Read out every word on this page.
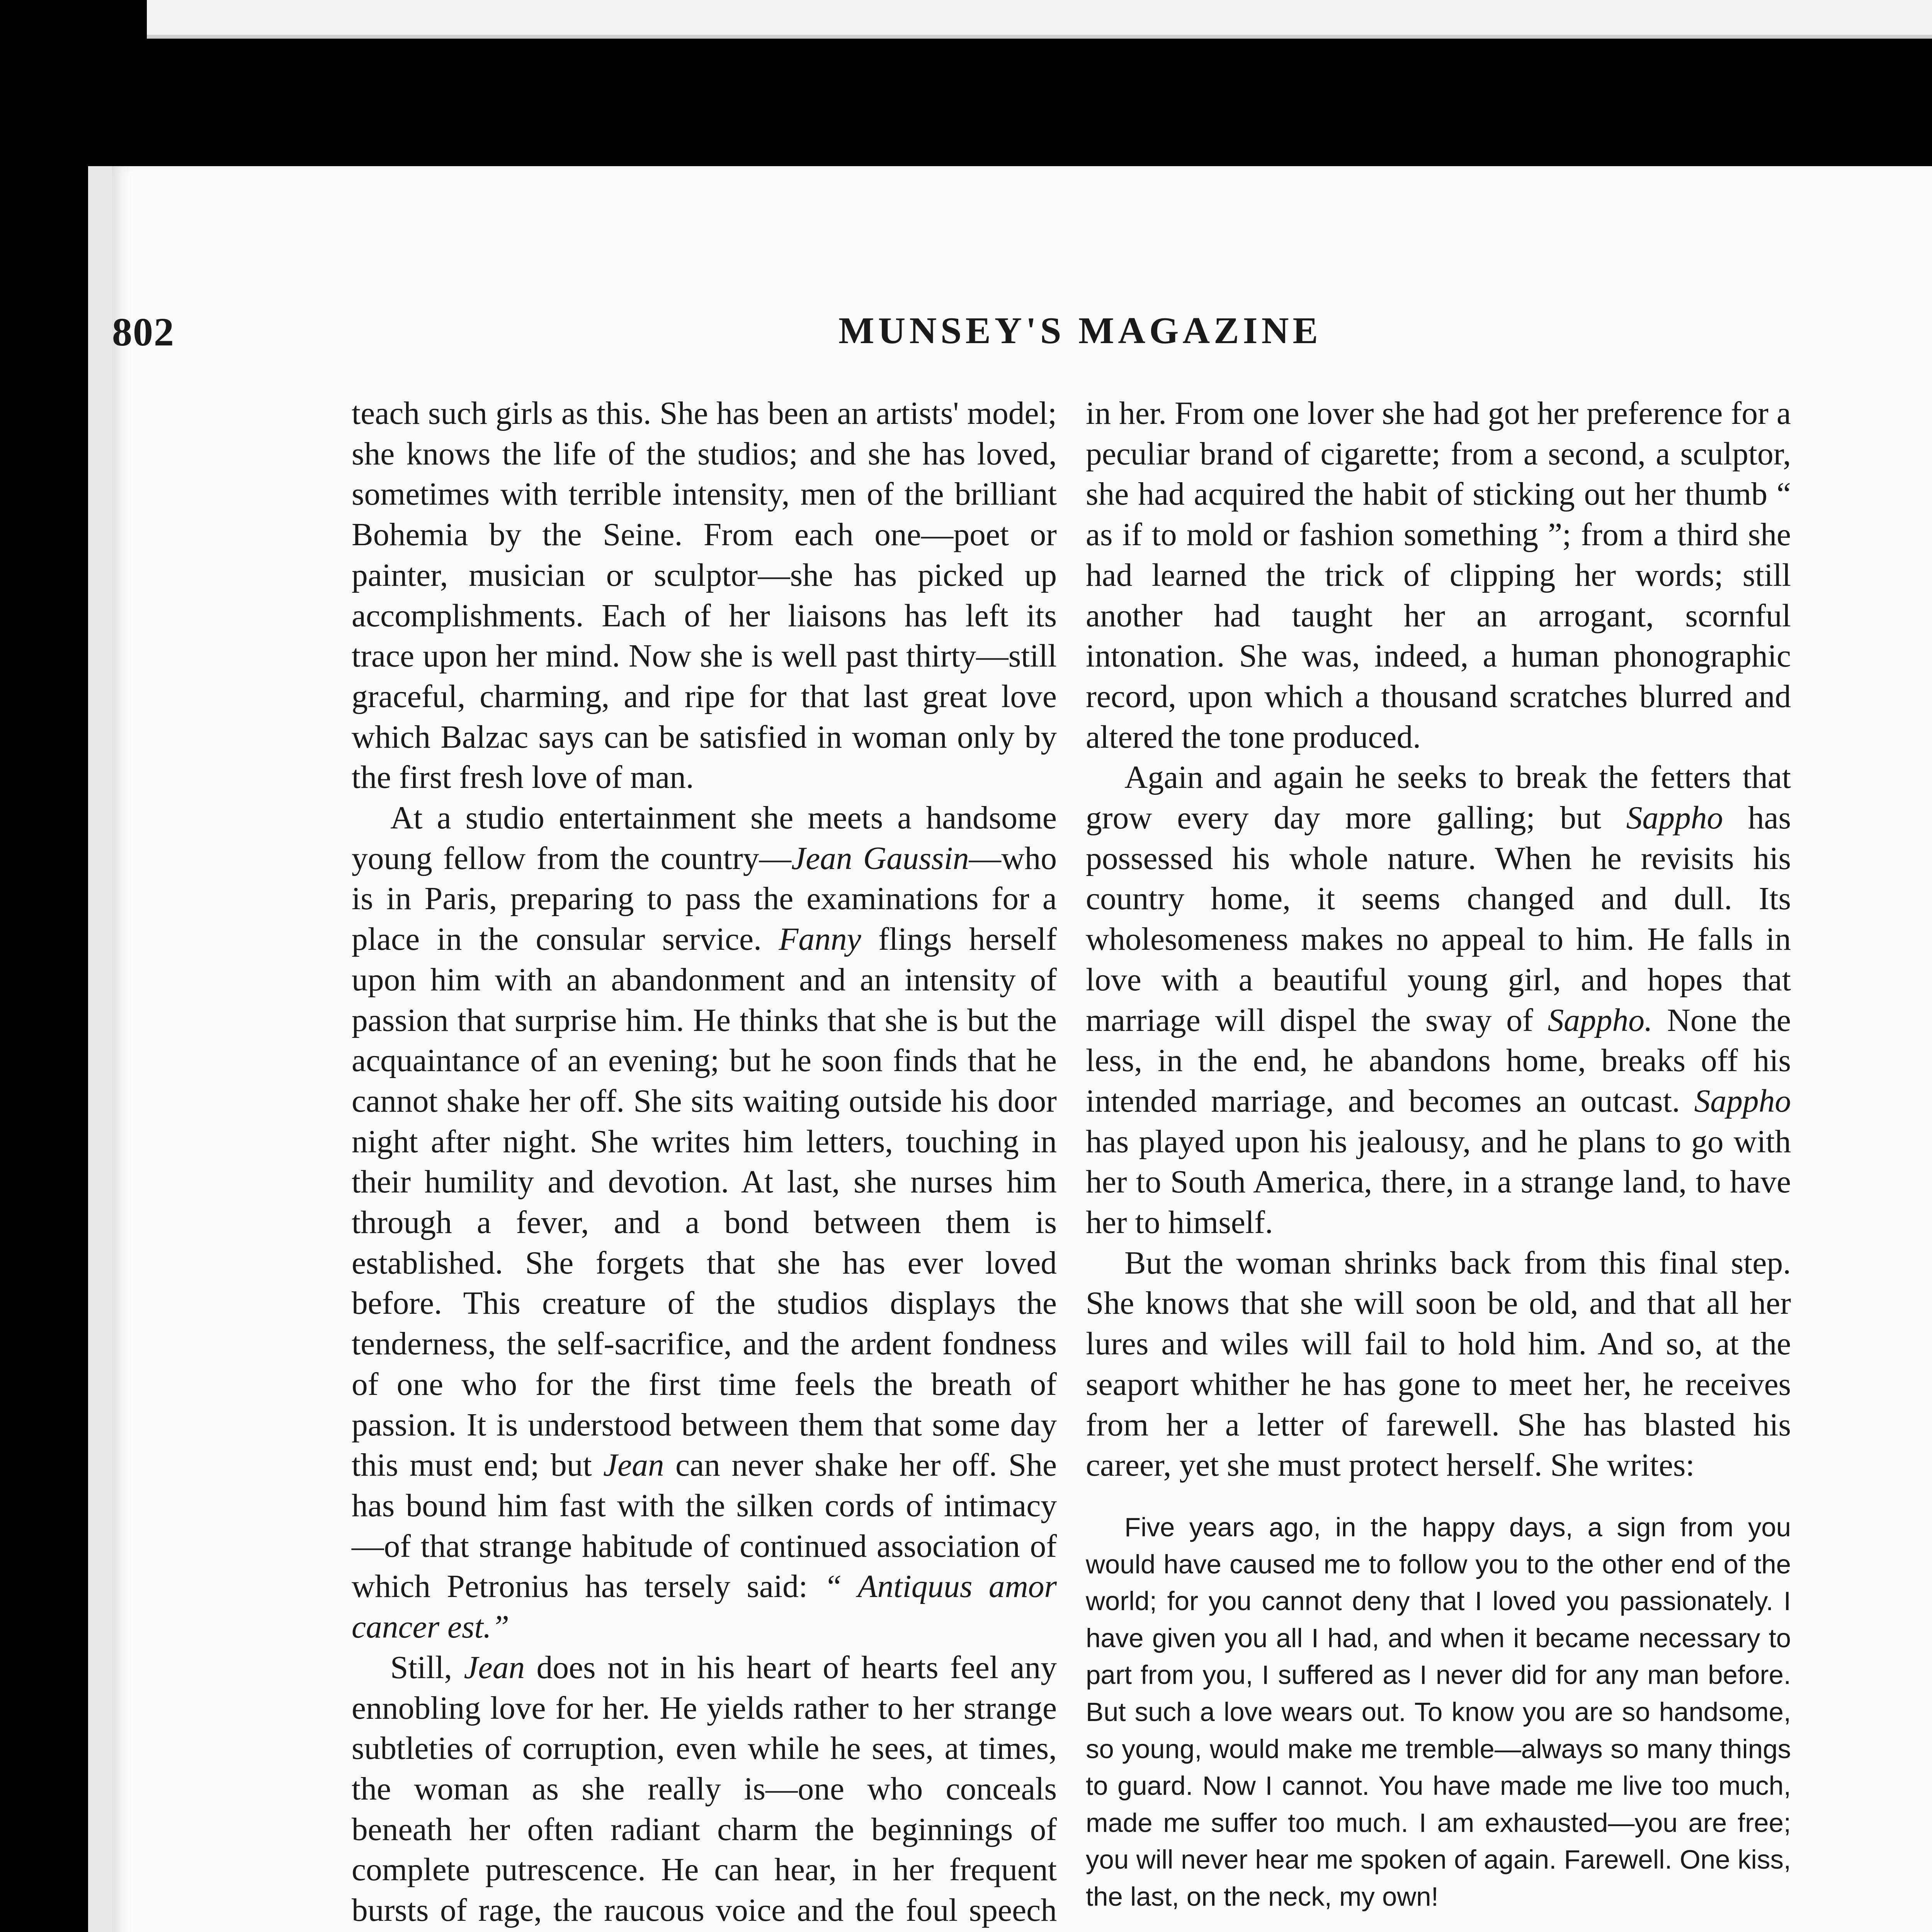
802	MUNSEY'S MAGAZINE

teach such girls as this. She has been an artists' model; she knows the life of the studios; and she has loved, sometimes with terrible intensity, men of the brilliant Bohemia by the Seine. From each one—poet or painter, musician or sculptor—she has picked up accomplishments. Each of her liaisons has left its trace upon her mind. Now she is well past thirty—still graceful, charming, and ripe for that last great love which Balzac says can be satisfied in woman only by the first fresh love of man.

At a studio entertainment she meets a handsome young fellow from the country—Jean Gaussin—who is in Paris, preparing to pass the examinations for a place in the consular service. Fanny flings herself upon him with an abandonment and an intensity of passion that surprise him. He thinks that she is but the acquaintance of an evening; but he soon finds that he cannot shake her off. She sits waiting outside his door night after night. She writes him letters, touching in their humility and devotion. At last, she nurses him through a fever, and a bond between them is established. She forgets that she has ever loved before. This creature of the studios displays the tenderness, the self-sacrifice, and the ardent fondness of one who for the first time feels the breath of passion. It is understood between them that some day this must end; but Jean can never shake her off. She has bound him fast with the silken cords of intimacy—of that strange habitude of continued association of which Petronius has tersely said: “ Antiquus amor cancer est.”

Still, Jean does not in his heart of hearts feel any ennobling love for her. He yields rather to her strange subtleties of corruption, even while he sees, at times, the woman as she really is—one who conceals beneath her often radiant charm the beginnings of complete putrescence. He can hear, in her frequent bursts of rage, the raucous voice and the foul speech

in her. From one lover she had got her preference for a peculiar brand of cigarette; from a second, a sculptor, she had acquired the habit of sticking out her thumb “ as if to mold or fashion something ”; from a third she had learned the trick of clipping her words; still another had taught her an arrogant, scornful intonation. She was, indeed, a human phonographic record, upon which a thousand scratches blurred and altered the tone produced.

Again and again he seeks to break the fetters that grow every day more galling; but Sappho has possessed his whole nature. When he revisits his country home, it seems changed and dull. Its wholesomeness makes no appeal to him. He falls in love with a beautiful young girl, and hopes that marriage will dispel the sway of Sappho. None the less, in the end, he abandons home, breaks off his intended marriage, and becomes an outcast. Sappho has played upon his jealousy, and he plans to go with her to South America, there, in a strange land, to have her to himself.

But the woman shrinks back from this final step. She knows that she will soon be old, and that all her lures and wiles will fail to hold him. And so, at the seaport whither he has gone to meet her, he receives from her a letter of farewell. She has blasted his career, yet she must protect herself. She writes:

Five years ago, in the happy days, a sign from you would have caused me to follow you to the other end of the world; for you cannot deny that I loved you passionately. I have given you all I had, and when it became necessary to part from you, I suffered as I never did for any man before. But such a love wears out. To know you are so handsome, so young, would make me tremble—always so many things to guard. Now I cannot. You have made me live too much, made me suffer too much. I am exhausted—you are free; you will never hear me spoken of again. Farewell. One kiss, the last, on the neck, my own!
